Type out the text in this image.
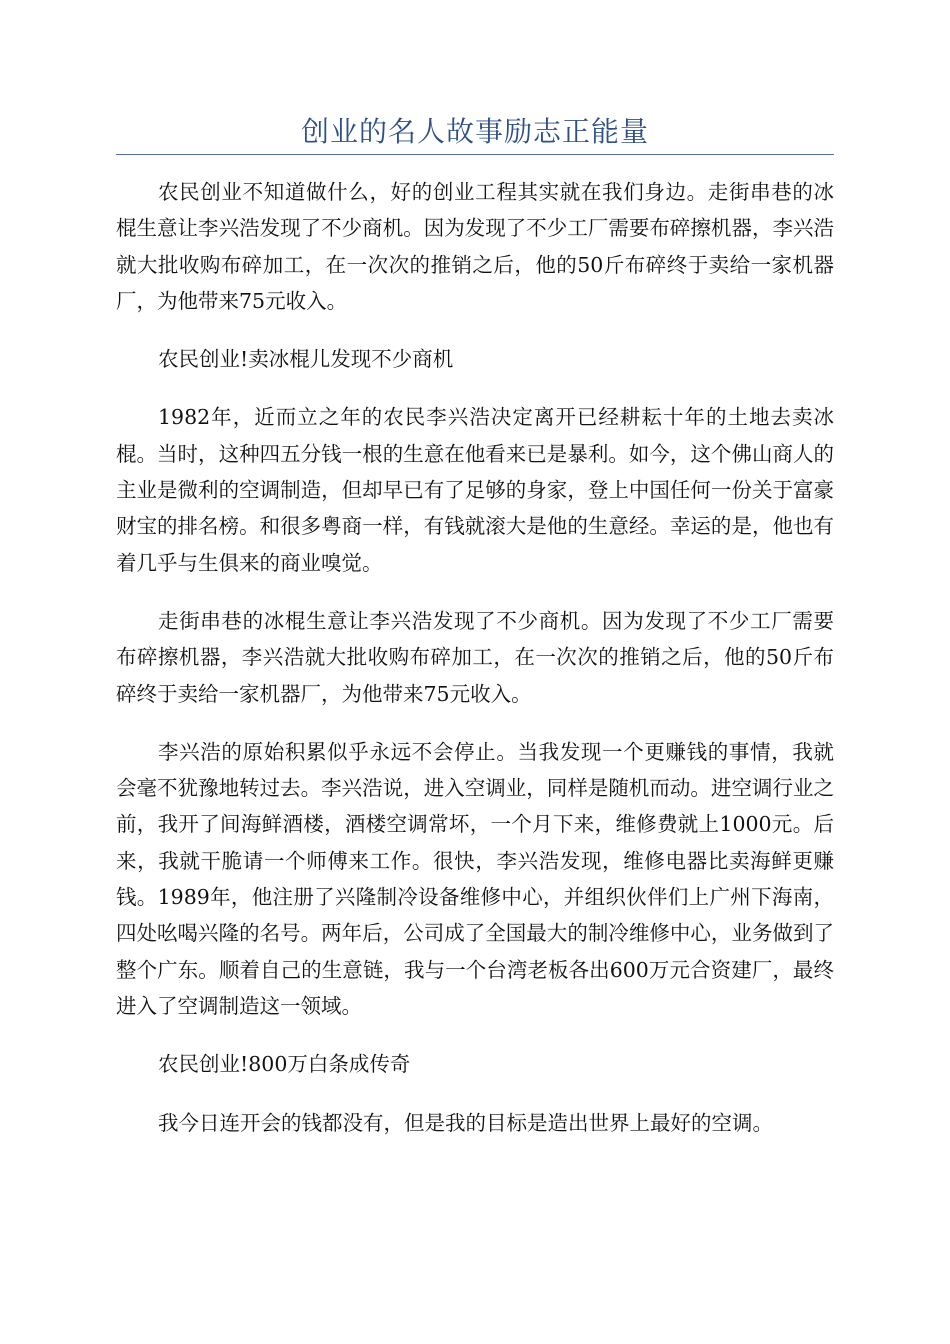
创业的名人故事励志正能量

农民创业不知道做什么，好的创业工程其实就在我们身边。走街串巷的冰棍生意让李兴浩发现了不少商机。因为发现了不少工厂需要布碎擦机器，李兴浩就大批收购布碎加工，在一次次的推销之后，他的50斤布碎终于卖给一家机器厂，为他带来75元收入。

农民创业!卖冰棍儿发现不少商机

1982年，近而立之年的农民李兴浩决定离开已经耕耘十年的土地去卖冰棍。当时，这种四五分钱一根的生意在他看来已是暴利。如今，这个佛山商人的主业是微利的空调制造，但却早已有了足够的身家，登上中国任何一份关于富豪财宝的排名榜。和很多粤商一样，有钱就滚大是他的生意经。幸运的是，他也有着几乎与生俱来的商业嗅觉。

走街串巷的冰棍生意让李兴浩发现了不少商机。因为发现了不少工厂需要布碎擦机器，李兴浩就大批收购布碎加工，在一次次的推销之后，他的50斤布碎终于卖给一家机器厂，为他带来75元收入。

李兴浩的原始积累似乎永远不会停止。当我发现一个更赚钱的事情，我就会毫不犹豫地转过去。李兴浩说，进入空调业，同样是随机而动。进空调行业之前，我开了间海鲜酒楼，酒楼空调常坏，一个月下来，维修费就上1000元。后来，我就干脆请一个师傅来工作。很快，李兴浩发现，维修电器比卖海鲜更赚钱。1989年，他注册了兴隆制冷设备维修中心，并组织伙伴们上广州下海南，四处吆喝兴隆的名号。两年后，公司成了全国最大的制冷维修中心，业务做到了整个广东。顺着自己的生意链，我与一个台湾老板各出600万元合资建厂，最终进入了空调制造这一领域。

农民创业!800万白条成传奇

我今日连开会的钱都没有，但是我的目标是造出世界上最好的空调。
